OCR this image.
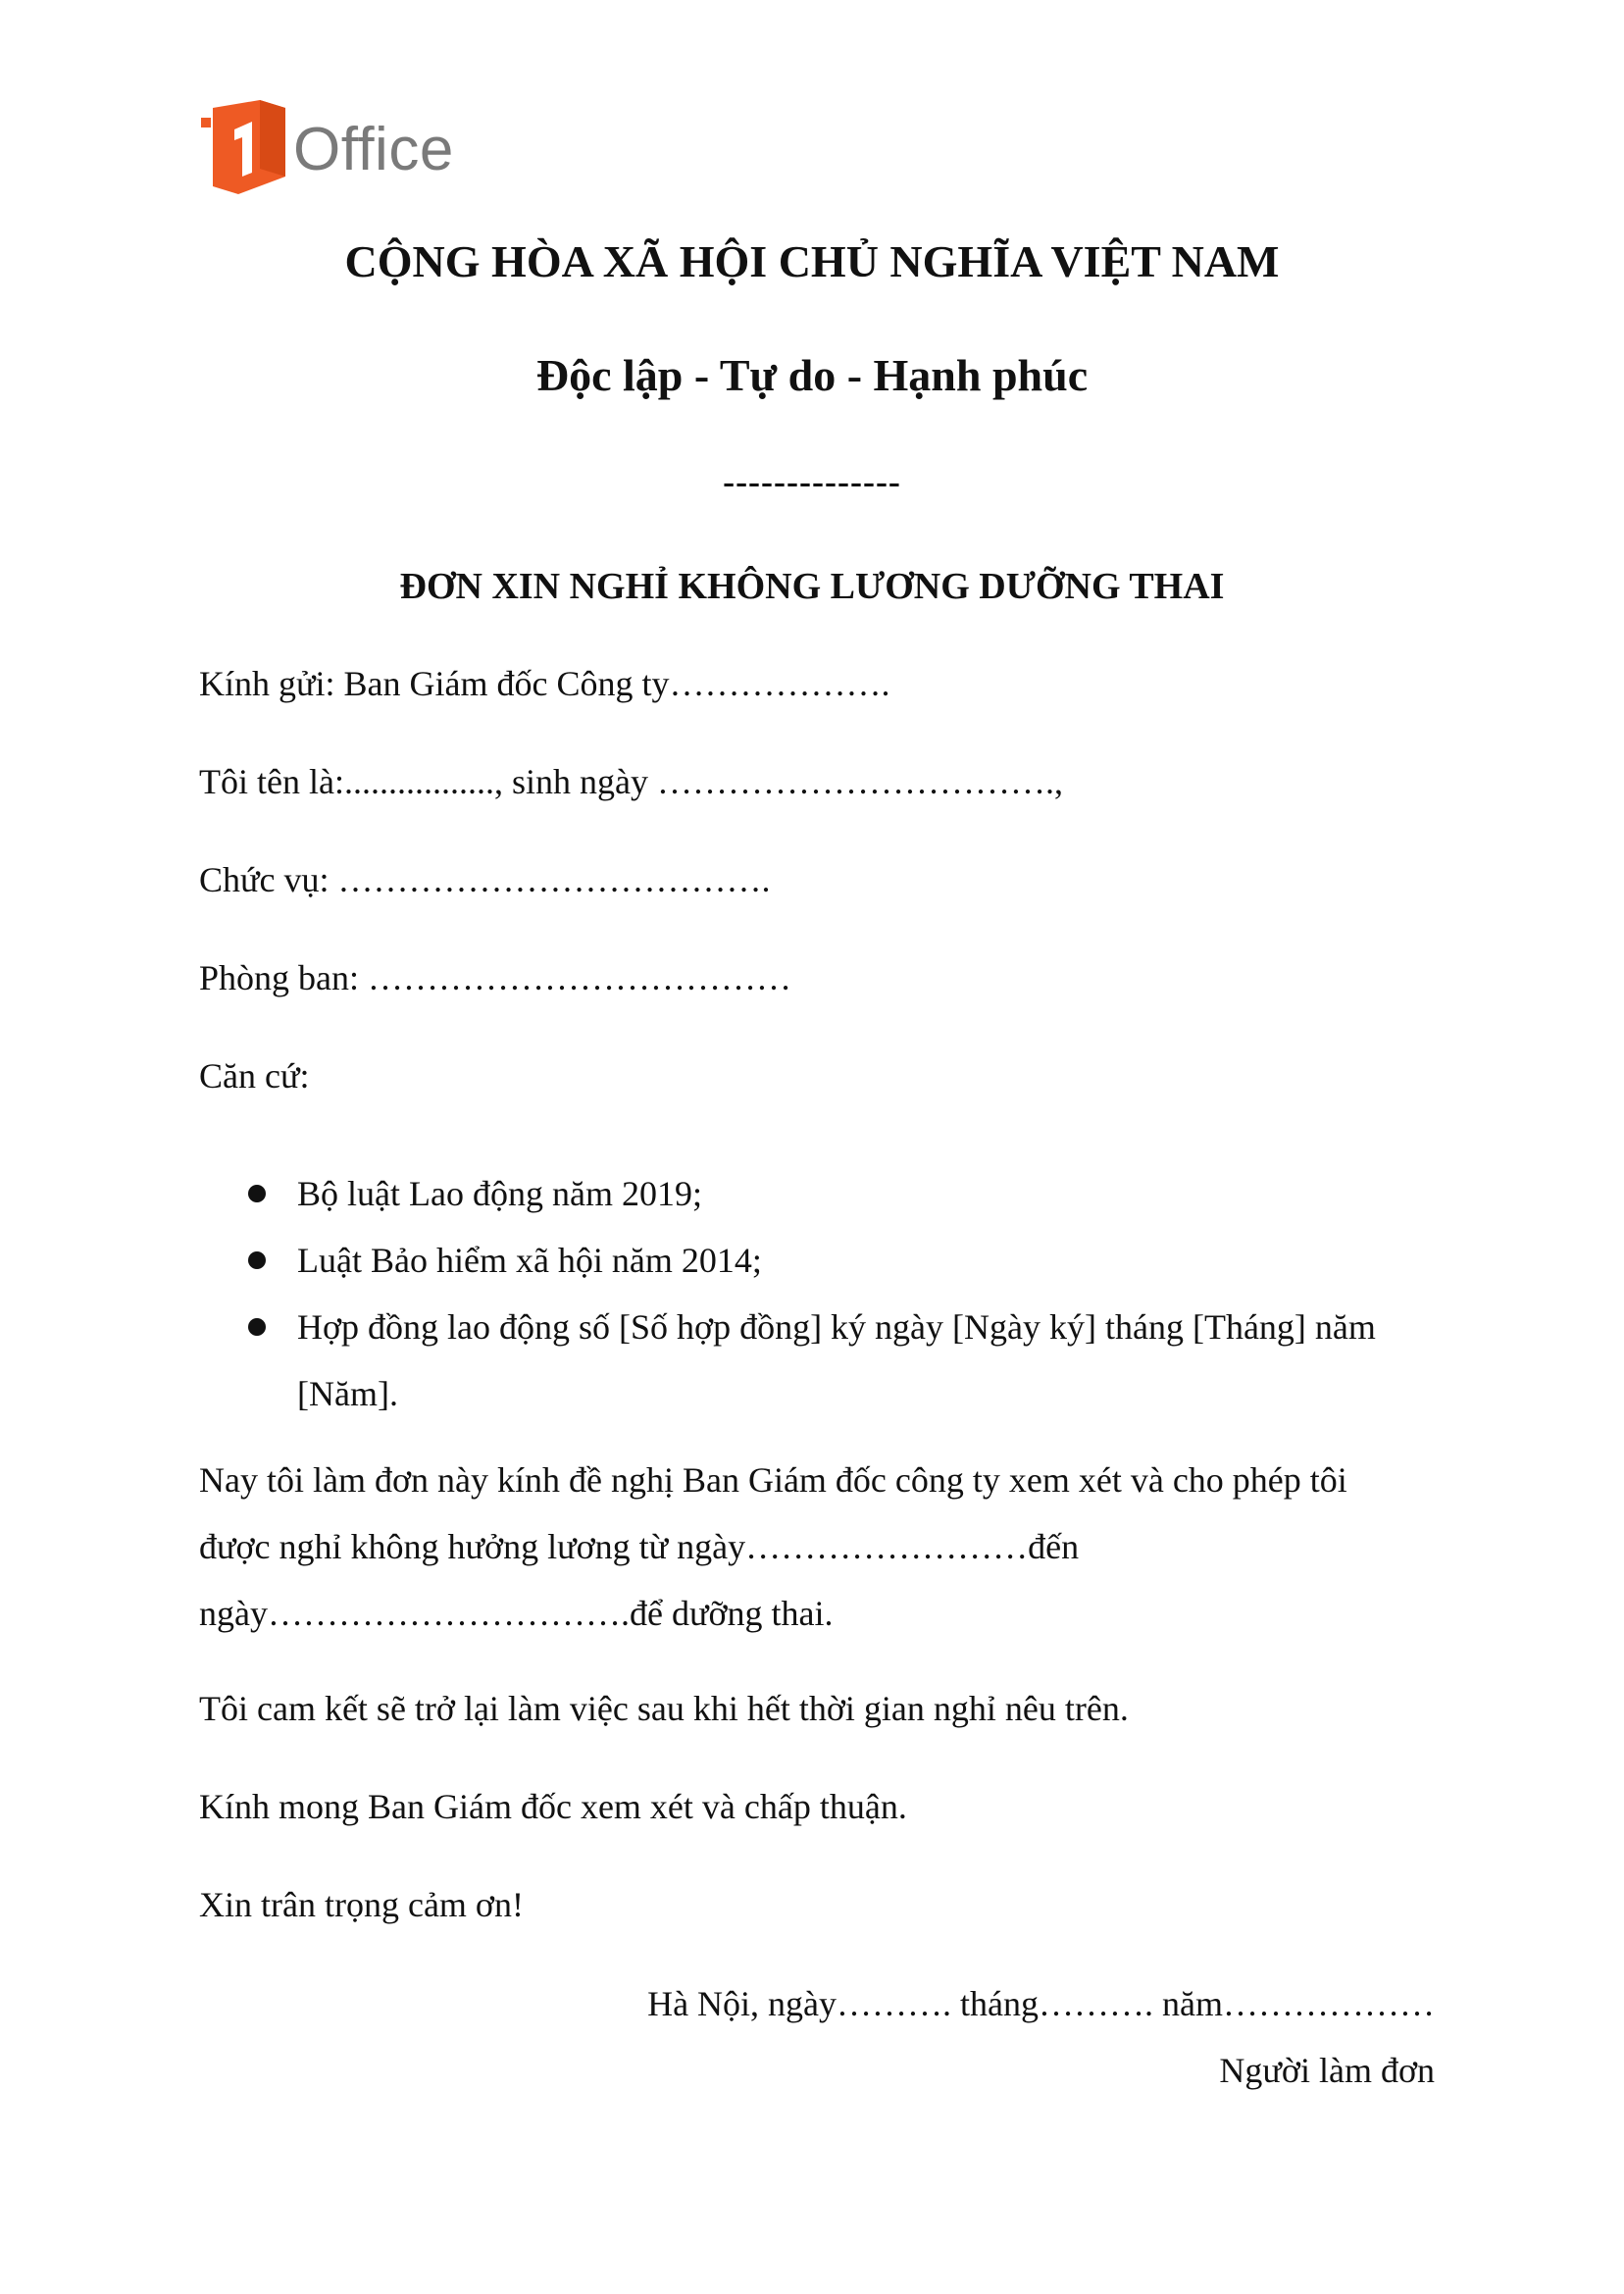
Office
CỘNG HÒA XÃ HỘI CHỦ NGHĨA VIỆT NAM
Độc lập - Tự do - Hạnh phúc
--------------
ĐƠN XIN NGHỈ KHÔNG LƯƠNG DƯỠNG THAI
Kính gửi: Ban Giám đốc Công ty……………….
Tôi tên là:................., sinh ngày …………………………….,
Chức vụ: ……………………………….
Phòng ban: ………………………………
Căn cứ:
Bộ luật Lao động năm 2019;
Luật Bảo hiểm xã hội năm 2014;
Hợp đồng lao động số [Số hợp đồng] ký ngày [Ngày ký] tháng [Tháng] năm [Năm].
Nay tôi làm đơn này kính đề nghị Ban Giám đốc công ty xem xét và cho phép tôi được nghỉ không hưởng lương từ ngày……………………đến ngày………………………….để dưỡng thai.
Tôi cam kết sẽ trở lại làm việc sau khi hết thời gian nghỉ nêu trên.
Kính mong Ban Giám đốc xem xét và chấp thuận.
Xin trân trọng cảm ơn!
Hà Nội, ngày………. tháng………. năm………………
Người làm đơn
